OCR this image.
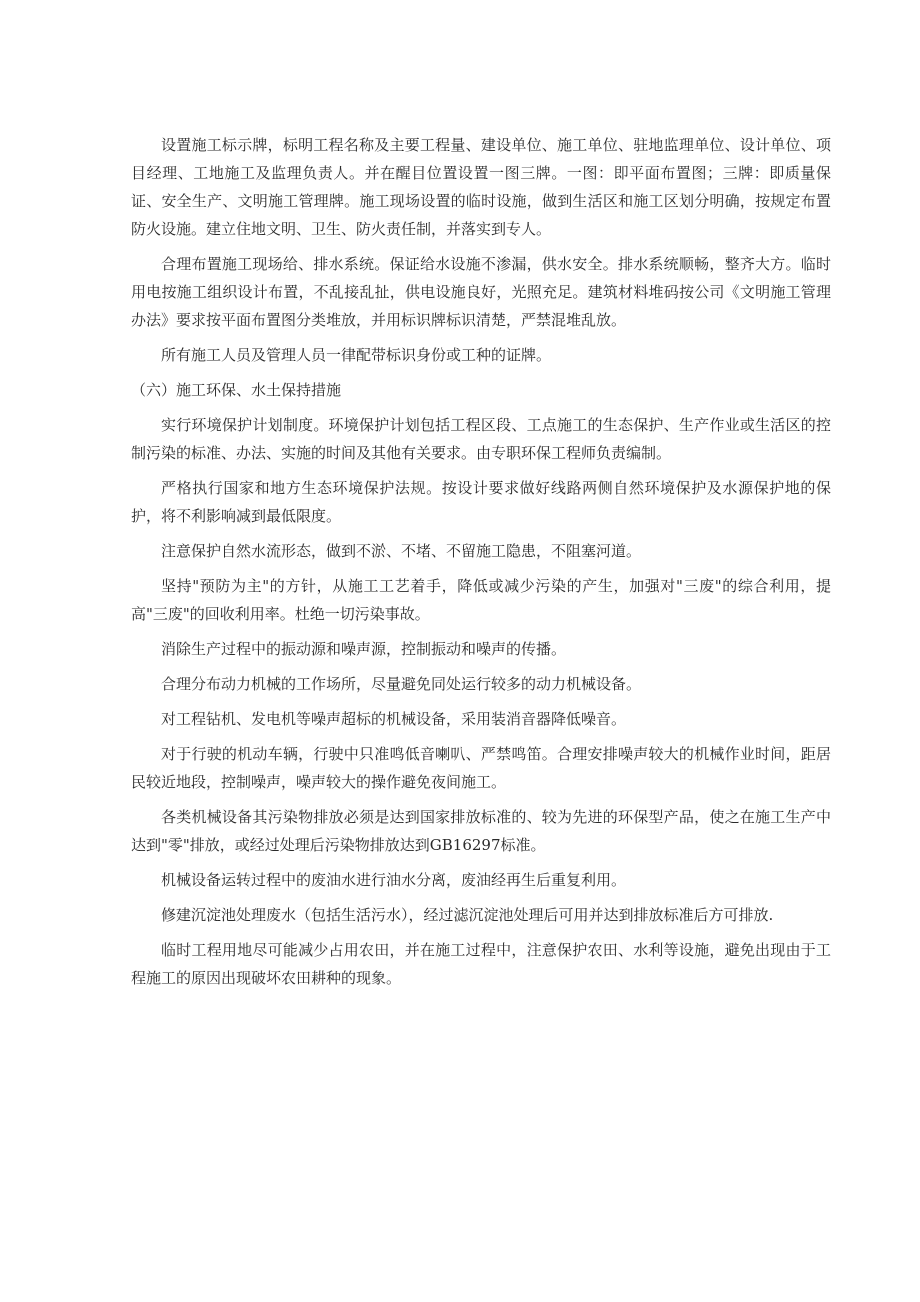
设置施工标示牌，标明工程名称及主要工程量、建设单位、施工单位、驻地监理单位、设计单位、项目经理、工地施工及监理负责人。并在醒目位置设置一图三牌。一图：即平面布置图；三牌：即质量保证、安全生产、文明施工管理牌。施工现场设置的临时设施，做到生活区和施工区划分明确，按规定布置防火设施。建立住地文明、卫生、防火责任制，并落实到专人。

合理布置施工现场给、排水系统。保证给水设施不渗漏，供水安全。排水系统顺畅，整齐大方。临时用电按施工组织设计布置，不乱接乱扯，供电设施良好，光照充足。建筑材料堆码按公司《文明施工管理办法》要求按平面布置图分类堆放，并用标识牌标识清楚，严禁混堆乱放。

所有施工人员及管理人员一律配带标识身份或工种的证牌。

（六）施工环保、水土保持措施

实行环境保护计划制度。环境保护计划包括工程区段、工点施工的生态保护、生产作业或生活区的控制污染的标准、办法、实施的时间及其他有关要求。由专职环保工程师负责编制。

严格执行国家和地方生态环境保护法规。按设计要求做好线路两侧自然环境保护及水源保护地的保护，将不利影响减到最低限度。

注意保护自然水流形态，做到不淤、不堵、不留施工隐患，不阻塞河道。

坚持"预防为主"的方针，从施工工艺着手，降低或减少污染的产生，加强对"三废"的综合利用，提高"三废"的回收利用率。杜绝一切污染事故。

消除生产过程中的振动源和噪声源，控制振动和噪声的传播。

合理分布动力机械的工作场所，尽量避免同处运行较多的动力机械设备。

对工程钻机、发电机等噪声超标的机械设备，采用装消音器降低噪音。

对于行驶的机动车辆，行驶中只准鸣低音喇叭、严禁鸣笛。合理安排噪声较大的机械作业时间，距居民较近地段，控制噪声，噪声较大的操作避免夜间施工。

各类机械设备其污染物排放必须是达到国家排放标准的、较为先进的环保型产品，使之在施工生产中达到"零"排放，或经过处理后污染物排放达到GB16297标准。

机械设备运转过程中的废油水进行油水分离，废油经再生后重复利用。

修建沉淀池处理废水（包括生活污水），经过滤沉淀池处理后可用并达到排放标准后方可排放.

临时工程用地尽可能减少占用农田，并在施工过程中，注意保护农田、水利等设施，避免出现由于工程施工的原因出现破坏农田耕种的现象。
